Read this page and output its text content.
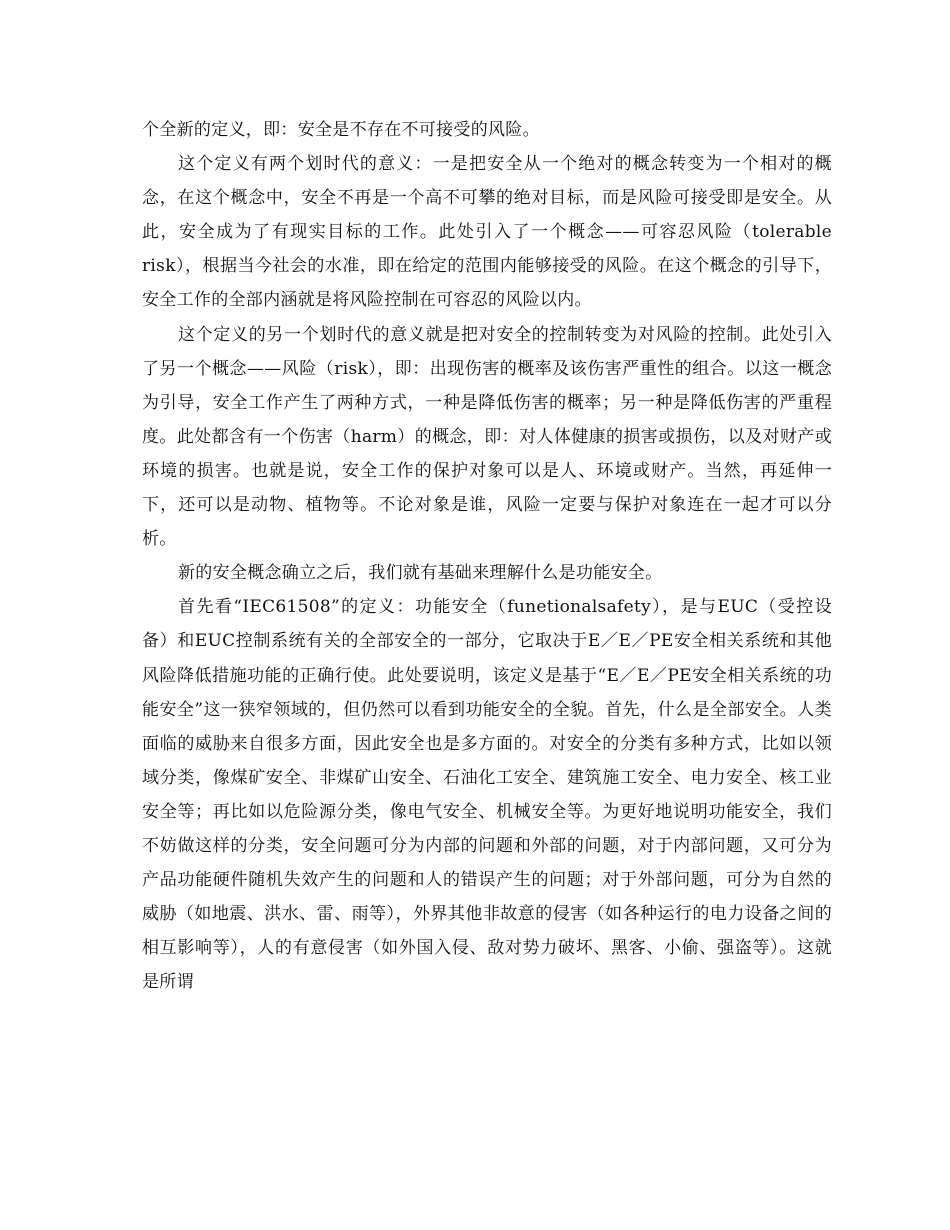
个全新的定义，即：安全是不存在不可接受的风险。

这个定义有两个划时代的意义：一是把安全从一个绝对的概念转变为一个相对的概念，在这个概念中，安全不再是一个高不可攀的绝对目标，而是风险可接受即是安全。从此，安全成为了有现实目标的工作。此处引入了一个概念——可容忍风险（tolerable risk），根据当今社会的水准，即在给定的范围内能够接受的风险。在这个概念的引导下，安全工作的全部内涵就是将风险控制在可容忍的风险以内。

这个定义的另一个划时代的意义就是把对安全的控制转变为对风险的控制。此处引入了另一个概念——风险（risk），即：出现伤害的概率及该伤害严重性的组合。以这一概念为引导，安全工作产生了两种方式，一种是降低伤害的概率；另一种是降低伤害的严重程度。此处都含有一个伤害（harm）的概念，即：对人体健康的损害或损伤，以及对财产或环境的损害。也就是说，安全工作的保护对象可以是人、环境或财产。当然，再延伸一下，还可以是动物、植物等。不论对象是谁，风险一定要与保护对象连在一起才可以分析。

新的安全概念确立之后，我们就有基础来理解什么是功能安全。

首先看“IEC61508”的定义：功能安全（funetionalsafety），是与EUC（受控设备）和EUC控制系统有关的全部安全的一部分，它取决于E／E／PE安全相关系统和其他风险降低措施功能的正确行使。此处要说明，该定义是基于“E／E／PE安全相关系统的功能安全”这一狭窄领域的，但仍然可以看到功能安全的全貌。首先，什么是全部安全。人类面临的威胁来自很多方面，因此安全也是多方面的。对安全的分类有多种方式，比如以领域分类，像煤矿安全、非煤矿山安全、石油化工安全、建筑施工安全、电力安全、核工业安全等；再比如以危险源分类，像电气安全、机械安全等。为更好地说明功能安全，我们不妨做这样的分类，安全问题可分为内部的问题和外部的问题，对于内部问题，又可分为产品功能硬件随机失效产生的问题和人的错误产生的问题；对于外部问题，可分为自然的威胁（如地震、洪水、雷、雨等），外界其他非故意的侵害（如各种运行的电力设备之间的相互影响等），人的有意侵害（如外国入侵、敌对势力破坏、黑客、小偷、强盗等）。这就是所谓
